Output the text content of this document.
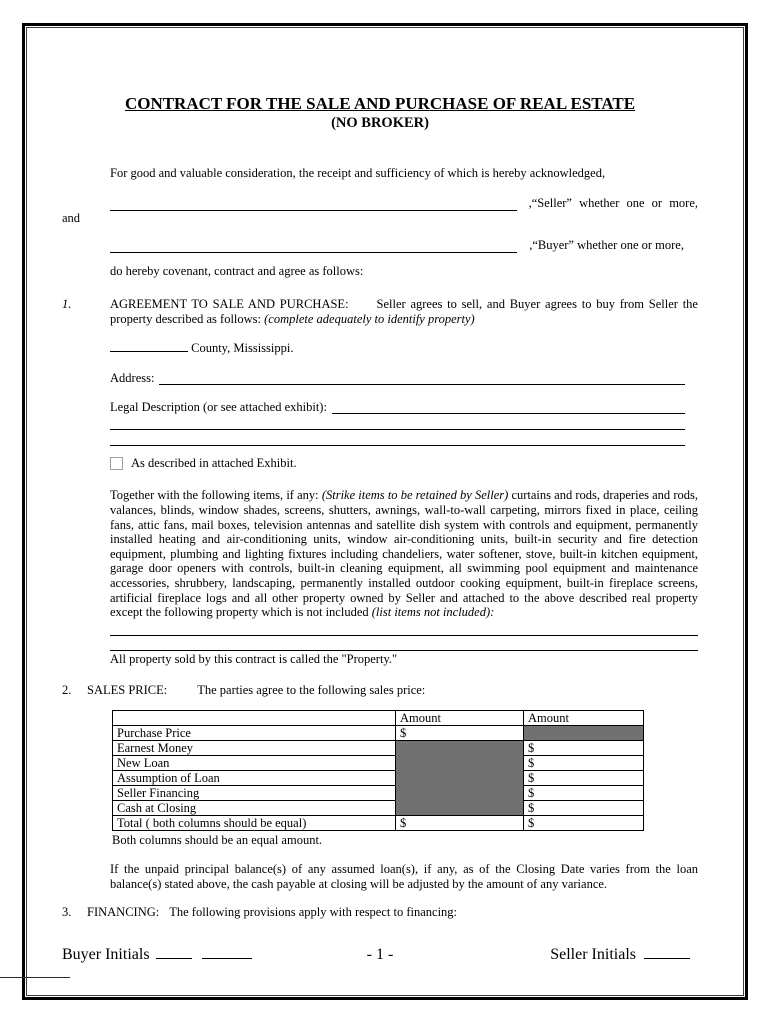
CONTRACT FOR THE SALE AND PURCHASE OF REAL ESTATE
(NO BROKER)
For good and valuable consideration, the receipt and sufficiency of which is hereby acknowledged,
,“Seller” whether one or more,
and
,“Buyer” whether one or more,
do hereby covenant, contract and agree as follows:
1.	AGREEMENT TO SALE AND PURCHASE: Seller agrees to sell, and Buyer agrees to buy from Seller the property described as follows: (complete adequately to identify property)
County, Mississippi.
Address:
Legal Description (or see attached exhibit):
As described in attached Exhibit.
Together with the following items, if any: (Strike items to be retained by Seller) curtains and rods, draperies and rods, valances, blinds, window shades, screens, shutters, awnings, wall-to-wall carpeting, mirrors fixed in place, ceiling fans, attic fans, mail boxes, television antennas and satellite dish system with controls and equipment, permanently installed heating and air-conditioning units, window air-conditioning units, built-in security and fire detection equipment, plumbing and lighting fixtures including chandeliers, water softener, stove, built-in kitchen equipment, garage door openers with controls, built-in cleaning equipment, all swimming pool equipment and maintenance accessories, shrubbery, landscaping, permanently installed outdoor cooking equipment, built-in fireplace screens, artificial fireplace logs and all other property owned by Seller and attached to the above described real property except the following property which is not included (list items not included):
All property sold by this contract is called the "Property."
2. SALES PRICE: The parties agree to the following sales price:
	Amount	Amount
Purchase Price	$	
Earnest Money		$
New Loan		$
Assumption of Loan		$
Seller Financing		$
Cash at Closing		$
Total ( both columns should be equal)	$	$
Both columns should be an equal amount.
If the unpaid principal balance(s) of any assumed loan(s), if any, as of the Closing Date varies from the loan balance(s) stated above, the cash payable at closing will be adjusted by the amount of any variance.
3. FINANCING: The following provisions apply with respect to financing:
Buyer Initials	- 1 -	Seller Initials
